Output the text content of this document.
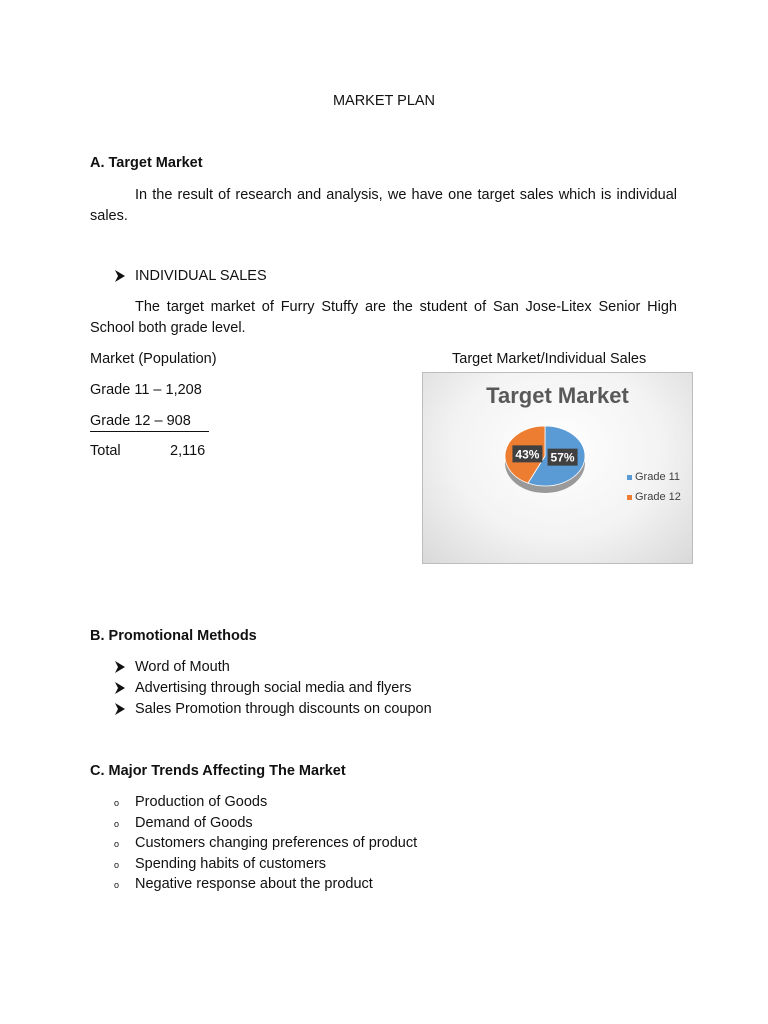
MARKET PLAN
A. Target Market
In the result of research and analysis, we have one target sales which is individual sales.
INDIVIDUAL SALES
The target market of Furry Stuffy are the student of San Jose-Litex Senior High School both grade level.
Market (Population)	Target Market/Individual Sales
Grade 11 – 1,208
Grade 12 – 908
Total	2,116
Target Market
57%
43%
Grade 11
Grade 12
B. Promotional Methods
Word of Mouth
Advertising through social media and flyers
Sales Promotion through discounts on coupon
C. Major Trends Affecting The Market
o Production of Goods
o Demand of Goods
o Customers changing preferences of product
o Spending habits of customers
o Negative response about the product
